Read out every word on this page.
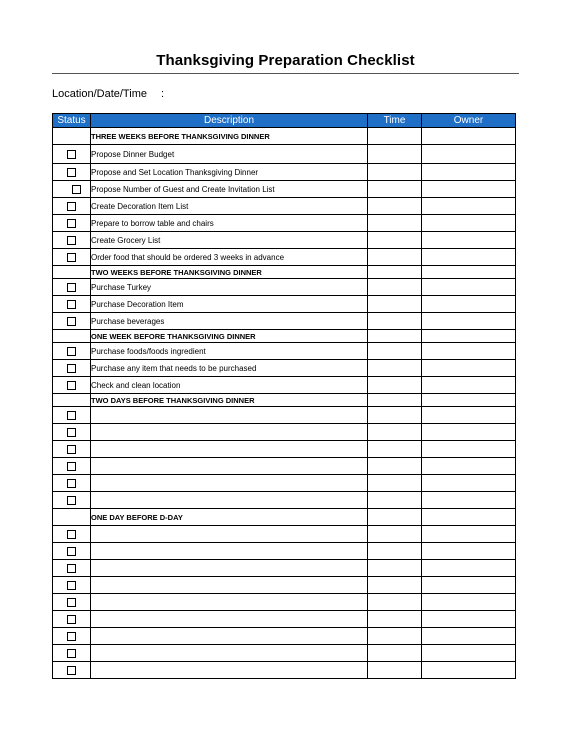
Thanksgiving Preparation Checklist
Location/Date/Time :
Status	Description	Time	Owner
	THREE WEEKS BEFORE THANKSGIVING DINNER		
	Propose Dinner Budget		
	Propose and Set Location Thanksgiving Dinner		
	Propose Number of Guest and Create Invitation List		
	Create Decoration Item List		
	Prepare to borrow table and chairs		
	Create Grocery List		
	Order food that should be ordered 3 weeks in advance		
	TWO WEEKS BEFORE THANKSGIVING DINNER		
	Purchase Turkey		
	Purchase Decoration Item		
	Purchase beverages		
	ONE WEEK BEFORE THANKSGIVING DINNER		
	Purchase foods/foods ingredient		
	Purchase any item that needs to be purchased		
	Check and clean location		
	TWO DAYS BEFORE THANKSGIVING DINNER		

	ONE DAY BEFORE D-DAY		
